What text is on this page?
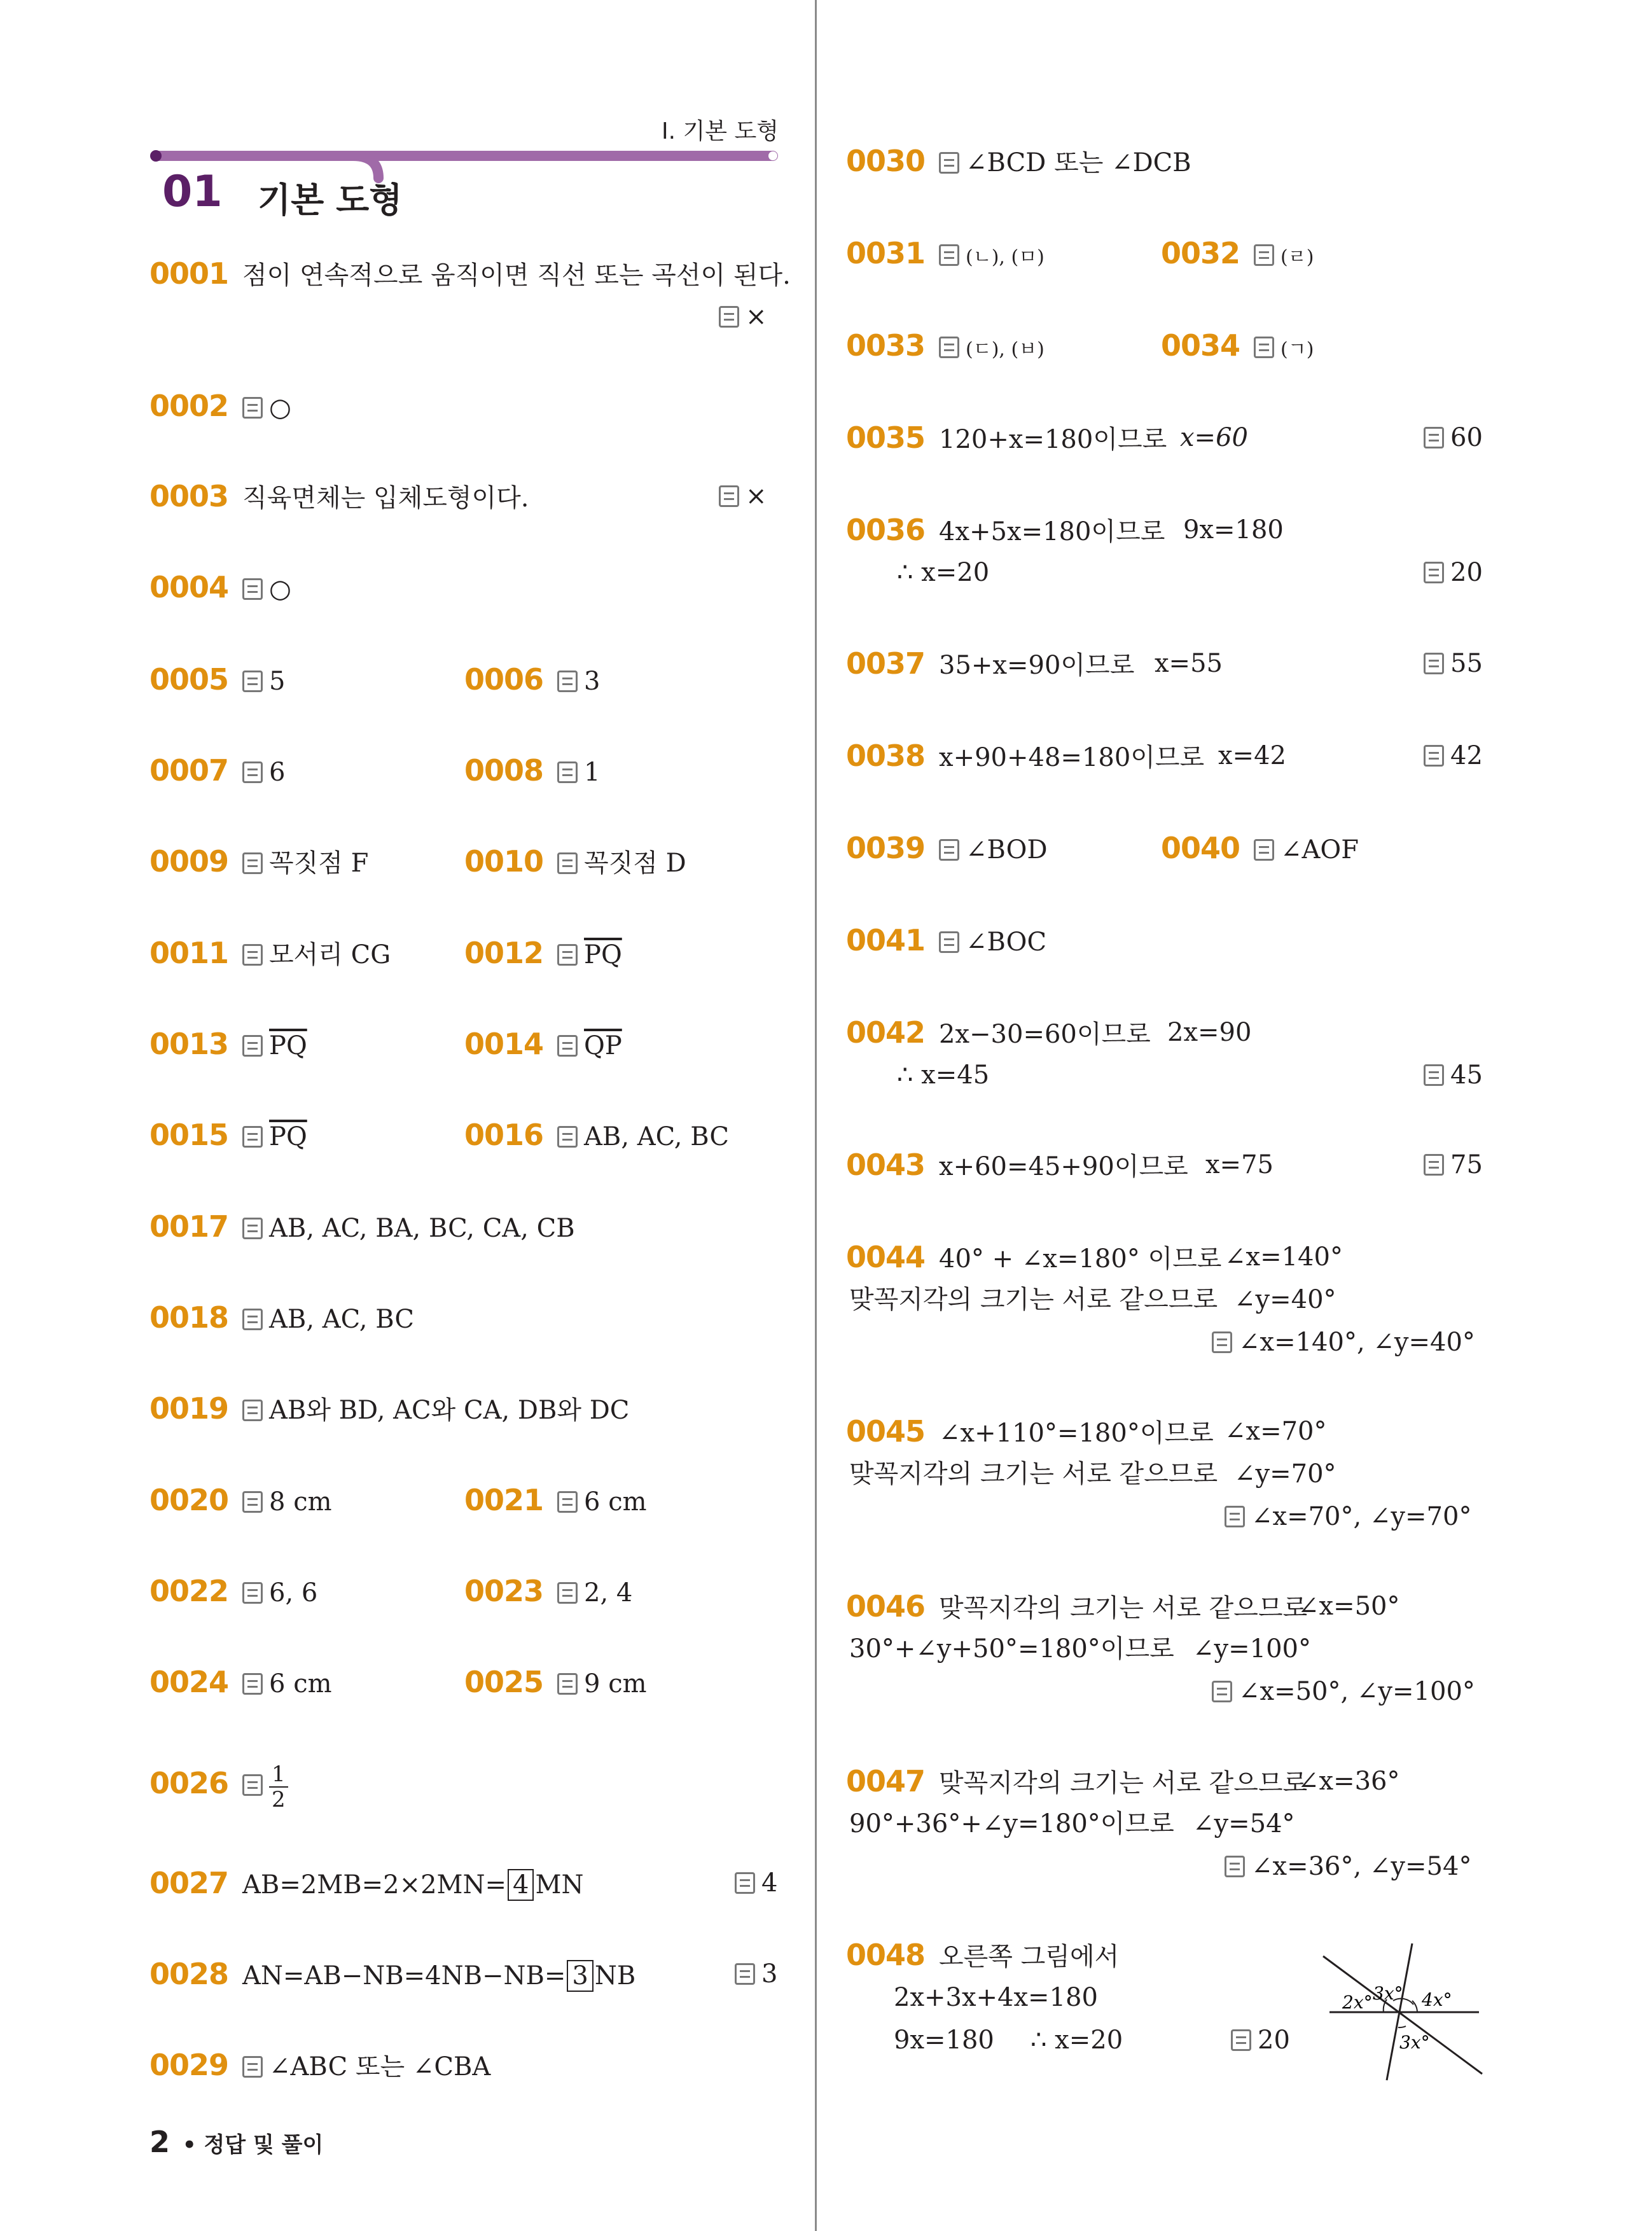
Ⅰ. 기본 도형
01 기본 도형
0001 점이 연속적으로 움직이면 직선 또는 곡선이 된다.
×
0002 ○
0003 직육면체는 입체도형이다.	×
0004 ○
0005 5	0006 3
0007 6	0008 1
0009 꼭짓점 F	0010 꼭짓점 D
0011 모서리 CG	0012 $\overline{PQ}$
0013 $\overline{PQ}$	0014 $\overline{QP}$
0015 $\overline{PQ}$	0016 AB, AC, BC
0017 AB, AC, BA, BC, CA, CB
0018 AB, AC, BC
0019 AB와 BD, AC와 CA, DB와 DC
0020 8 cm	0021 6 cm
0022 6, 6	0023 2, 4
0024 6 cm	0025 9 cm
$0026 \frac{1}{2}$
0027 AB=2MB=2×2MN= 4 MN	4
0028 AN=AB−NB=4NB−NB= 3 NB	3
0029 ∠ABC 또는 ∠CBA
2 • 정답 및 풀이
0030 ∠BCD 또는 ∠DCB
0031 (ㄴ), (ㅁ)	0032 (ㄹ)
0033 (ㄷ), (ㅂ)	0034 (ㄱ)
0035 120+x=180이므로 x=60	60
0036 4x+5x=180이므로 9x=180
∴ x=20	20
0037 35+x=90이므로 x=55	55
0038 x+90+48=180이므로 x=42	42
0039 ∠BOD	0040 ∠AOF
0041 ∠BOC
0042 2x−30=60이므로 2x=90
∴ x=45	45
0043 x+60=45+90이므로 x=75	75
0044 40° + ∠x=180° 이므로 ∠x=140°
맞꼭지각의 크기는 서로 같으므로 ∠y=40°
∠x=140°, ∠y=40°
0045 ∠x+110°=180°이므로 ∠x=70°
맞꼭지각의 크기는 서로 같으므로 ∠y=70°
∠x=70°, ∠y=70°
0046 맞꼭지각의 크기는 서로 같으므로
∠x=50°
30°+∠y+50°=180°이므로 ∠y=100°
∠x=50°, ∠y=100°
0047 맞꼭지각의 크기는 서로 같으므로
∠x=36°
90°+36°+∠y=180°이므로 ∠y=54°
∠x=36°, ∠y=54°
0048 오른쪽 그림에서
2x+3x+4x=180
9x=180 ∴ x=20	20
3x° 4x°
2x°
3x°
